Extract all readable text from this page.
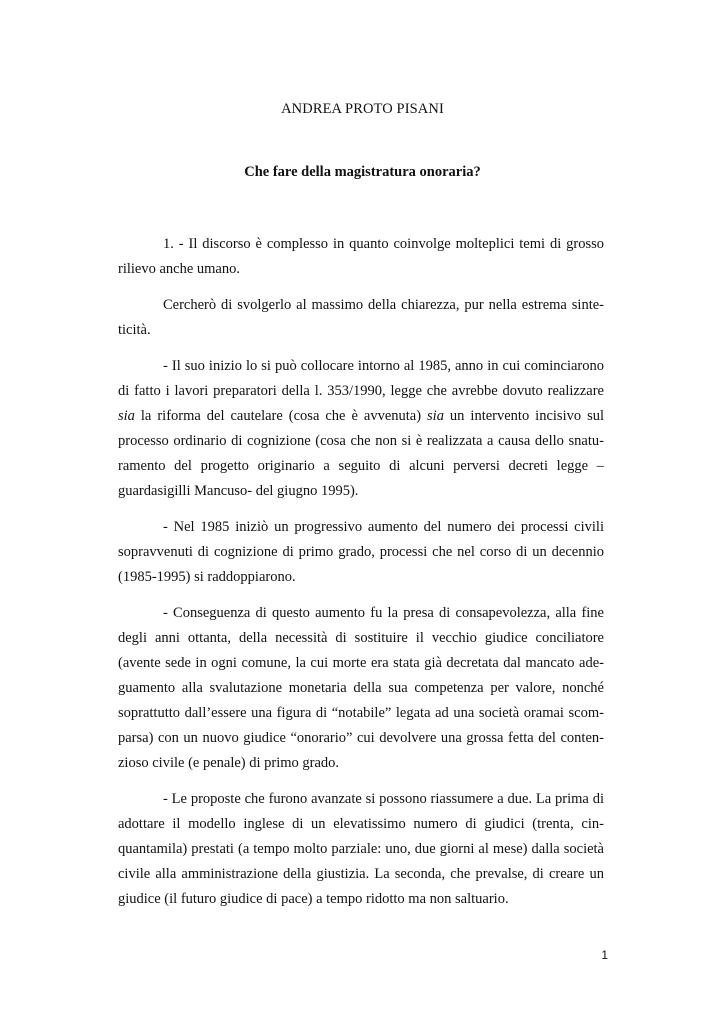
ANDREA PROTO PISANI
Che fare della magistratura onoraria?

1. - Il discorso è complesso in quanto coinvolge molteplici temi di grosso rilievo anche umano.

Cercherò di svolgerlo al massimo della chiarezza, pur nella estrema sinteticità.

- Il suo inizio lo si può collocare intorno al 1985, anno in cui cominciarono di fatto i lavori preparatori della l. 353/1990, legge che avrebbe dovuto realizzare sia la riforma del cautelare (cosa che è avvenuta) sia un intervento incisivo sul processo ordinario di cognizione (cosa che non si è realizzata a causa dello snaturamento del progetto originario a seguito di alcuni perversi decreti legge – guardasigilli Mancuso- del giugno 1995).

- Nel 1985 iniziò un progressivo aumento del numero dei processi civili sopravvenuti di cognizione di primo grado, processi che nel corso di un decennio (1985-1995) si raddoppiarono.

- Conseguenza di questo aumento fu la presa di consapevolezza, alla fine degli anni ottanta, della necessità di sostituire il vecchio giudice conciliatore (avente sede in ogni comune, la cui morte era stata già decretata dal mancato adeguamento alla svalutazione monetaria della sua competenza per valore, nonché soprattutto dall’essere una figura di “notabile” legata ad una società oramai scomparsa) con un nuovo giudice “onorario” cui devolvere una grossa fetta del contenzioso civile (e penale) di primo grado.

- Le proposte che furono avanzate si possono riassumere a due. La prima di adottare il modello inglese di un elevatissimo numero di giudici (trenta, cinquantamila) prestati (a tempo molto parziale: uno, due giorni al mese) dalla società civile alla amministrazione della giustizia. La seconda, che prevalse, di creare un giudice (il futuro giudice di pace) a tempo ridotto ma non saltuario.

1
